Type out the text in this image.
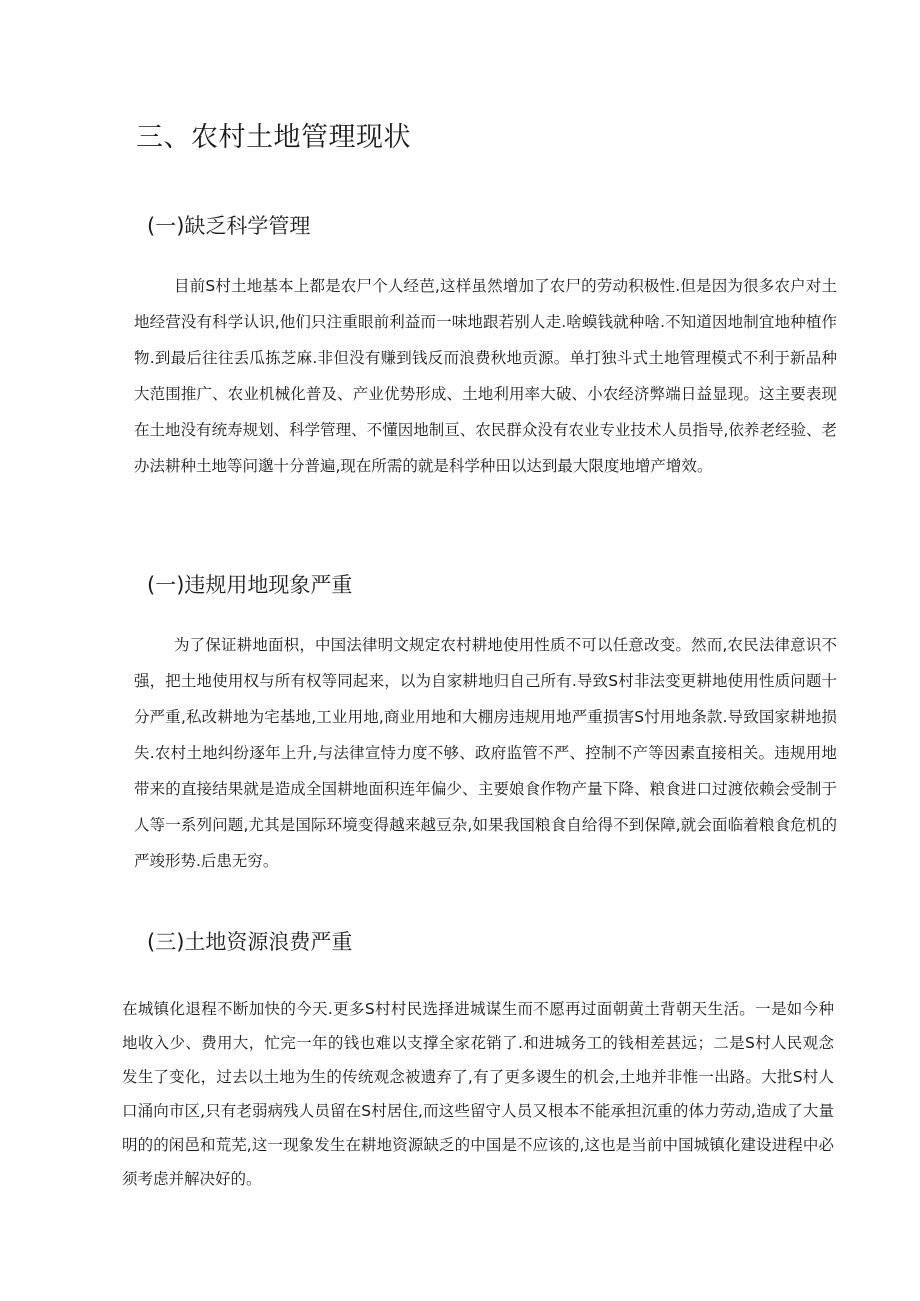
三、农村土地管理现状
(一)缺乏科学管理
目前S村土地基本上都是农尸个人经芭,这样虽然增加了农尸的劳动积极性.但是因为很多农户对土地经营没有科学认识,他们只注重眼前利益而一味地跟若别人走.啥蟆钱就种啥.不知道因地制宜地种植作物.到最后往往丢瓜拣芝麻.非但没有赚到钱反而浪费秋地贡源。单打独斗式土地管理模式不利于新品种大范围推广、农业机械化普及、产业优势形成、土地利用率大破、小农经济弊端日益显现。这主要表现在土地没有统寿规划、科学管理、不懂因地制亘、农民群众没有农业专业技术人员指导,依养老经验、老办法耕种土地等问邈十分普遍,现在所需的就是科学种田以达到最大限度地增产增效。
(一)违规用地现象严重
为了保证耕地面枳，中国法律明文规定农村耕地使用性质不可以任意改变。然而,农民法律意识不强，把土地使用权与所有权等同起来，以为自家耕地归自己所有.导致S村非法变更耕地使用性质问题十分严重,私改耕地为宅基地,工业用地,商业用地和大棚房违规用地严重损害S忖用地条款.导致国家耕地损失.农村土地纠纷逐年上升,与法律宣恃力度不够、政府监管不严、控制不产等因素直接相关。违规用地带来的直接结果就是造成全国耕地面积连年偏少、主要娘食作物产量下降、粮食进口过渡依赖会受制于人等一系列问题,尤其是国际环境变得越来越豆杂,如果我国粮食自给得不到保障,就会面临着粮食危机的严竣形势.后患无穷。
(三)土地资源浪费严重
在城镇化退程不断加快的今天.更多S村村民选择进城谋生而不愿再过面朝黄土背朝天生活。一是如今种地收入少、费用大，忙完一年的钱也难以支撑全家花销了.和进城务工的钱相差甚远；二是S村人民观念发生了变化，过去以土地为生的传统观念被遗弃了,有了更多谡生的机会,土地并非惟一出路。大批S村人口涌向市区,只有老弱病残人员留在S村居住,而这些留守人员又根本不能承担沉重的体力劳动,造成了大量明的的闲邑和荒芜,这一现象发生在耕地资源缺乏的中国是不应该的,这也是当前中国城镇化建设进程中必须考虑并解决好的。
